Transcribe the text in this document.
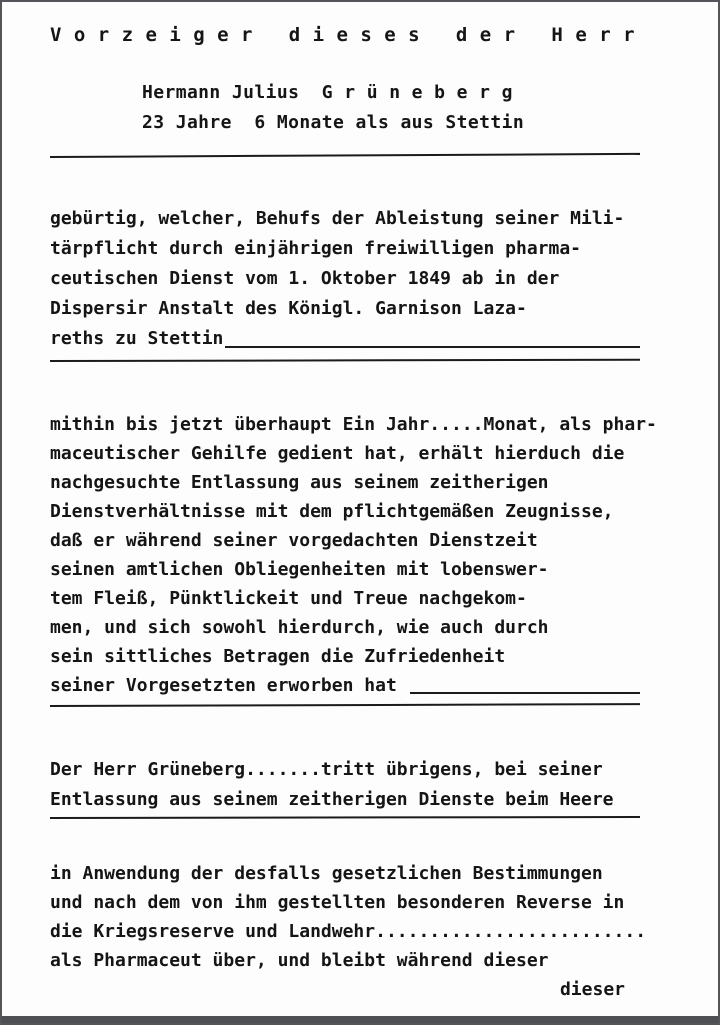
V o r z e i g e r   d i e s e s   d e r   H e r r
Hermann Julius  G r ü n e b e r g
23 Jahre  6 Monate als aus Stettin
gebürtig, welcher, Behufs der Ableistung seiner Mili-
tärpflicht durch einjährigen freiwilligen pharma-
ceutischen Dienst vom 1. Oktober 1849 ab in der
Dispersir Anstalt des Königl. Garnison Laza-
reths zu Stettin
mithin bis jetzt überhaupt Ein Jahr.....Monat, als phar-
maceutischer Gehilfe gedient hat, erhält hierduch die
nachgesuchte Entlassung aus seinem zeitherigen
Dienstverhältnisse mit dem pflichtgemäßen Zeugnisse,
daß er während seiner vorgedachten Dienstzeit
seinen amtlichen Obliegenheiten mit lobenswer-
tem Fleiß, Pünktlickeit und Treue nachgekom-
men, und sich sowohl hierdurch, wie auch durch
sein sittliches Betragen die Zufriedenheit
seiner Vorgesetzten erworben hat
Der Herr Grüneberg.......tritt übrigens, bei seiner
Entlassung aus seinem zeitherigen Dienste beim Heere
in Anwendung der desfalls gesetzlichen Bestimmungen
und nach dem von ihm gestellten besonderen Reverse in
die Kriegsreserve und Landwehr.........................
als Pharmaceut über, und bleibt während dieser
dieser
